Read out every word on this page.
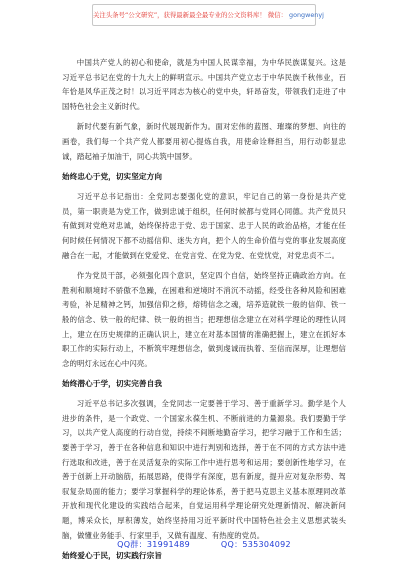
关注头条号“公文研究”，获得最新最全最专业的公文资料库！ 微信： gongwenyj

中国共产党人的初心和使命，就是为中国人民谋幸福，为中华民族谋复兴。这是习近平总书记在党的十九大上的鲜明宣示。中国共产党立志于中华民族千秋伟业，百年恰是风华正茂之时！以习近平同志为核心的党中央，轩昂奋发，带领我们走进了中国特色社会主义新时代。

新时代要有新气象，新时代展现新作为。面对宏伟的蓝图、璀璨的梦想、向往的画卷，我们每一个共产党人都要用初心提炼自我，用使命诠释担当，用行动彰显忠诚，踏起袖子加油干，同心共筑中国梦。

始终忠心于党，切实坚定方向

习近平总书记指出：全党同志要强化党的意识，牢记自己的第一身份是共产党员，第一职责是为党工作，做到忠诚于组织，任何时候都与党同心同德。共产党员只有做到对党绝对忠诚，始终保持忠于党、忠于国家、忠于人民的政治品格，才能在任何时候任何情况下都不动摇信仰、迷失方向，把个人的生命价值与党的事业发展高度融合在一起，才能做到在党爱党、在党言党、在党为党、在党忧党，对党忠贞不二。

作为党员干部，必须强化四个意识，坚定四个自信，始终坚持正确政治方向。在胜利和顺境时不骄傲不急躁，在困难和逆境时不消沉不动摇，经受住各种风险和困难考验，补足精神之钙，加强信仰之修，熔铸信念之魂，培养造就铁一般的信仰、铁一般的信念、铁一般的纪律、铁一般的担当；把理想信念建立在对科学理论的理性认同上，建立在历史规律的正确认识上，建立在对基本国情的准确把握上，建立在抓好本职工作的实际行动上，不断筑牢理想信念，做到虔诚而执着、至信而深厚，让理想信念的明灯永远在心中闪亮。

始终潜心于学，切实完善自我

习近平总书记多次强调，全党同志一定要善于学习、善于重新学习。勤学是个人进步的条件，是一个政党、一个国家永葆生机、不断前进的力量源泉。我们要勤于学习，以共产党人高度的行动自觉，持续不间断地勤奋学习，把学习融于工作和生活；要善于学习，善于在各种信息和知识中进行判别和选择，善于在不同的方式方法中进行选取和改进，善于在灵活复杂的实际工作中进行思考和运用；要创新性地学习，在善于创新上开动脑筋，拓展思路，使得学有深度，思有新度，提升应对复杂形势、驾驭复杂局面的能力；要学习掌握科学的理论体系，善于把马克思主义基本原理同改革开放和现代化建设的实践结合起来，自觉运用科学理论研究处理新情况、解决新问题，博采众长，厚积薄发，始终坚持用习近平新时代中国特色社会主义思想武装头脑，做懂业务能手、行家里手，又做有温度、有热度的党员。

始终爱心于民，切实践行宗旨
QQ群：31991489	QQ：535304092
